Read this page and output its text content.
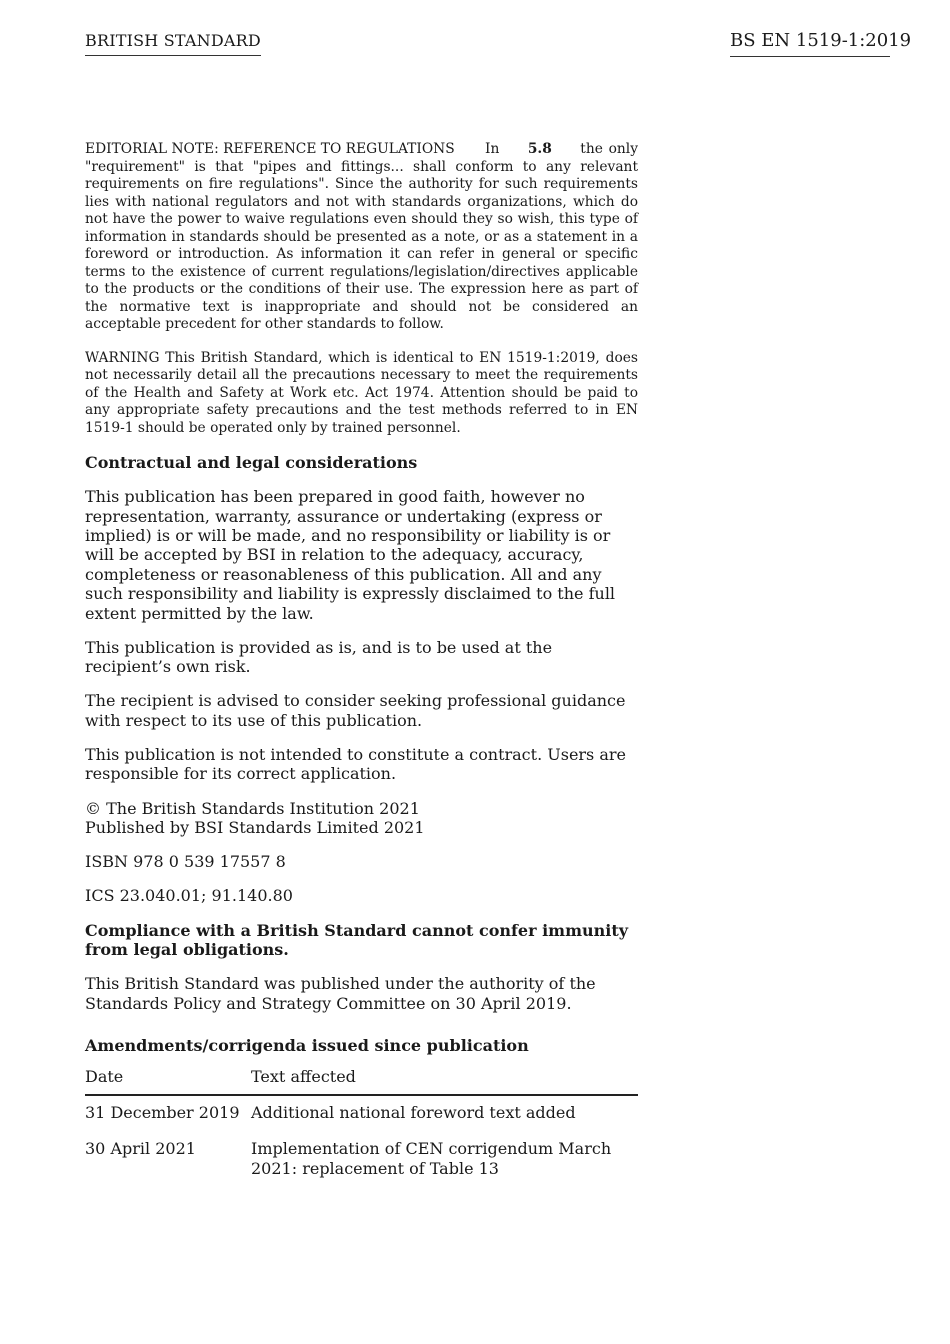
BRITISH STANDARD	BS EN 1519-1:2019

EDITORIAL NOTE: REFERENCE TO REGULATIONS In 5.8 the only "requirement" is that "pipes and fittings... shall conform to any relevant requirements on fire regulations". Since the authority for such requirements lies with national regulators and not with standards organizations, which do not have the power to waive regulations even should they so wish, this type of information in standards should be presented as a note, or as a statement in a foreword or introduction. As information it can refer in general or specific terms to the existence of current regulations/legislation/directives applicable to the products or the conditions of their use. The expression here as part of the normative text is inappropriate and should not be considered an acceptable precedent for other standards to follow.

WARNING This British Standard, which is identical to EN 1519-1:2019, does not necessarily detail all the precautions necessary to meet the requirements of the Health and Safety at Work etc. Act 1974. Attention should be paid to any appropriate safety precautions and the test methods referred to in EN 1519-1 should be operated only by trained personnel.

Contractual and legal considerations

This publication has been prepared in good faith, however no representation, warranty, assurance or undertaking (express or implied) is or will be made, and no responsibility or liability is or will be accepted by BSI in relation to the adequacy, accuracy, completeness or reasonableness of this publication. All and any such responsibility and liability is expressly disclaimed to the full extent permitted by the law.

This publication is provided as is, and is to be used at the
recipient’s own risk.

The recipient is advised to consider seeking professional guidance with respect to its use of this publication.

This publication is not intended to constitute a contract. Users are responsible for its correct application.

© The British Standards Institution 2021
Published by BSI Standards Limited 2021

ISBN 978 0 539 17557 8

ICS 23.040.01; 91.140.80

Compliance with a British Standard cannot confer immunity from legal obligations.

This British Standard was published under the authority of the
Standards Policy and Strategy Committee on 30 April 2019.

Amendments/corrigenda issued since publication

Date	Text affected
31 December 2019	Additional national foreword text added
30 April 2021	Implementation of CEN corrigendum March 2021: replacement of Table 13
